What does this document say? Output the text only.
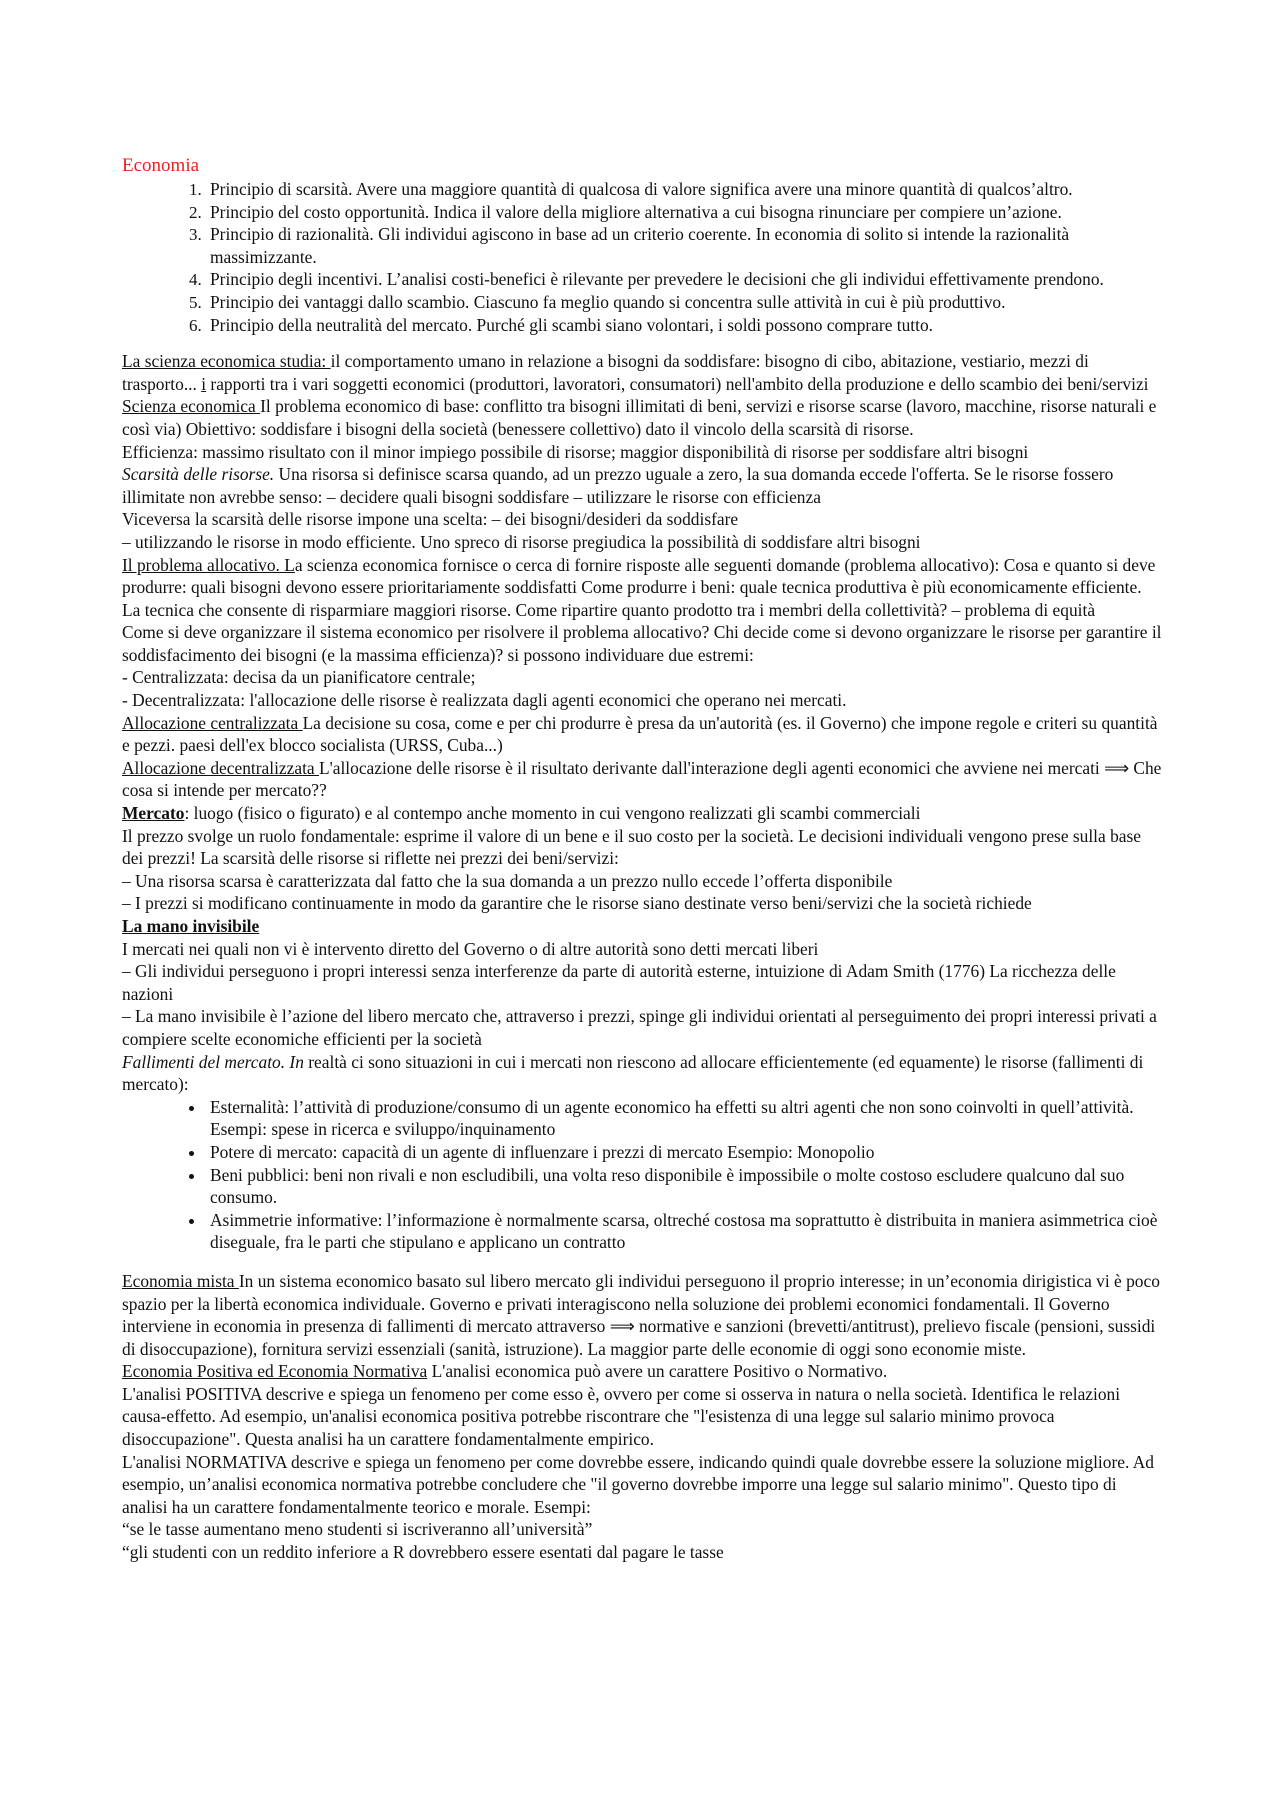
Economia
1. Principio di scarsità. Avere una maggiore quantità di qualcosa di valore significa avere una minore quantità di qualcos’altro.
2. Principio del costo opportunità. Indica il valore della migliore alternativa a cui bisogna rinunciare per compiere un’azione.
3. Principio di razionalità. Gli individui agiscono in base ad un criterio coerente. In economia di solito si intende la razionalità massimizzante.
4. Principio degli incentivi. L’analisi costi-benefici è rilevante per prevedere le decisioni che gli individui effettivamente prendono.
5. Principio dei vantaggi dallo scambio. Ciascuno fa meglio quando si concentra sulle attività in cui è più produttivo.
6. Principio della neutralità del mercato. Purché gli scambi siano volontari, i soldi possono comprare tutto.

La scienza economica studia: il comportamento umano in relazione a bisogni da soddisfare: bisogno di cibo, abitazione, vestiario, mezzi di trasporto... i rapporti tra i vari soggetti economici (produttori, lavoratori, consumatori) nell'ambito della produzione e dello scambio dei beni/servizi

Scienza economica Il problema economico di base: conflitto tra bisogni illimitati di beni, servizi e risorse scarse (lavoro, macchine, risorse naturali e così via) Obiettivo: soddisfare i bisogni della società (benessere collettivo) dato il vincolo della scarsità di risorse.

Efficienza: massimo risultato con il minor impiego possibile di risorse; maggior disponibilità di risorse per soddisfare altri bisogni

Scarsità delle risorse. Una risorsa si definisce scarsa quando, ad un prezzo uguale a zero, la sua domanda eccede l'offerta. Se le risorse fossero illimitate non avrebbe senso: – decidere quali bisogni soddisfare – utilizzare le risorse con efficienza

Viceversa la scarsità delle risorse impone una scelta: – dei bisogni/desideri da soddisfare

– utilizzando le risorse in modo efficiente. Uno spreco di risorse pregiudica la possibilità di soddisfare altri bisogni

Il problema allocativo. La scienza economica fornisce o cerca di fornire risposte alle seguenti domande (problema allocativo): Cosa e quanto si deve produrre: quali bisogni devono essere prioritariamente soddisfatti Come produrre i beni: quale tecnica produttiva è più economicamente efficiente. La tecnica che consente di risparmiare maggiori risorse. Come ripartire quanto prodotto tra i membri della collettività? – problema di equità

Come si deve organizzare il sistema economico per risolvere il problema allocativo? Chi decide come si devono organizzare le risorse per garantire il soddisfacimento dei bisogni (e la massima efficienza)? si possono individuare due estremi:

- Centralizzata: decisa da un pianificatore centrale;

- Decentralizzata: l'allocazione delle risorse è realizzata dagli agenti economici che operano nei mercati.

Allocazione centralizzata La decisione su cosa, come e per chi produrre è presa da un'autorità (es. il Governo) che impone regole e criteri su quantità e pezzi. paesi dell'ex blocco socialista (URSS, Cuba...)

Allocazione decentralizzata L'allocazione delle risorse è il risultato derivante dall'interazione degli agenti economici che avviene nei mercati ⟹ Che cosa si intende per mercato??

Mercato: luogo (fisico o figurato) e al contempo anche momento in cui vengono realizzati gli scambi commerciali

Il prezzo svolge un ruolo fondamentale: esprime il valore di un bene e il suo costo per la società. Le decisioni individuali vengono prese sulla base dei prezzi! La scarsità delle risorse si riflette nei prezzi dei beni/servizi:

– Una risorsa scarsa è caratterizzata dal fatto che la sua domanda a un prezzo nullo eccede l’offerta disponibile

– I prezzi si modificano continuamente in modo da garantire che le risorse siano destinate verso beni/servizi che la società richiede

La mano invisibile

I mercati nei quali non vi è intervento diretto del Governo o di altre autorità sono detti mercati liberi

– Gli individui perseguono i propri interessi senza interferenze da parte di autorità esterne, intuizione di Adam Smith (1776) La ricchezza delle nazioni

– La mano invisibile è l’azione del libero mercato che, attraverso i prezzi, spinge gli individui orientati al perseguimento dei propri interessi privati a compiere scelte economiche efficienti per la società

Fallimenti del mercato. In realtà ci sono situazioni in cui i mercati non riescono ad allocare efficientemente (ed equamente) le risorse (fallimenti di mercato):

• Esternalità: l’attività di produzione/consumo di un agente economico ha effetti su altri agenti che non sono coinvolti in quell’attività. Esempi: spese in ricerca e sviluppo/inquinamento
• Potere di mercato: capacità di un agente di influenzare i prezzi di mercato Esempio: Monopolio
• Beni pubblici: beni non rivali e non escludibili, una volta reso disponibile è impossibile o molte costoso escludere qualcuno dal suo consumo.
• Asimmetrie informative: l’informazione è normalmente scarsa, oltreché costosa ma soprattutto è distribuita in maniera asimmetrica cioè diseguale, fra le parti che stipulano e applicano un contratto

Economia mista In un sistema economico basato sul libero mercato gli individui perseguono il proprio interesse; in un’economia dirigistica vi è poco spazio per la libertà economica individuale. Governo e privati interagiscono nella soluzione dei problemi economici fondamentali. Il Governo interviene in economia in presenza di fallimenti di mercato attraverso ⟹ normative e sanzioni (brevetti/antitrust), prelievo fiscale (pensioni, sussidi di disoccupazione), fornitura servizi essenziali (sanità, istruzione). La maggior parte delle economie di oggi sono economie miste.

Economia Positiva ed Economia Normativa L'analisi economica può avere un carattere Positivo o Normativo.

L'analisi POSITIVA descrive e spiega un fenomeno per come esso è, ovvero per come si osserva in natura o nella società. Identifica le relazioni causa-effetto. Ad esempio, un'analisi economica positiva potrebbe riscontrare che "l'esistenza di una legge sul salario minimo provoca disoccupazione". Questa analisi ha un carattere fondamentalmente empirico.

L'analisi NORMATIVA descrive e spiega un fenomeno per come dovrebbe essere, indicando quindi quale dovrebbe essere la soluzione migliore. Ad esempio, un’analisi economica normativa potrebbe concludere che "il governo dovrebbe imporre una legge sul salario minimo". Questo tipo di analisi ha un carattere fondamentalmente teorico e morale. Esempi:

“se le tasse aumentano meno studenti si iscriveranno all’università”

“gli studenti con un reddito inferiore a R dovrebbero essere esentati dal pagare le tasse
